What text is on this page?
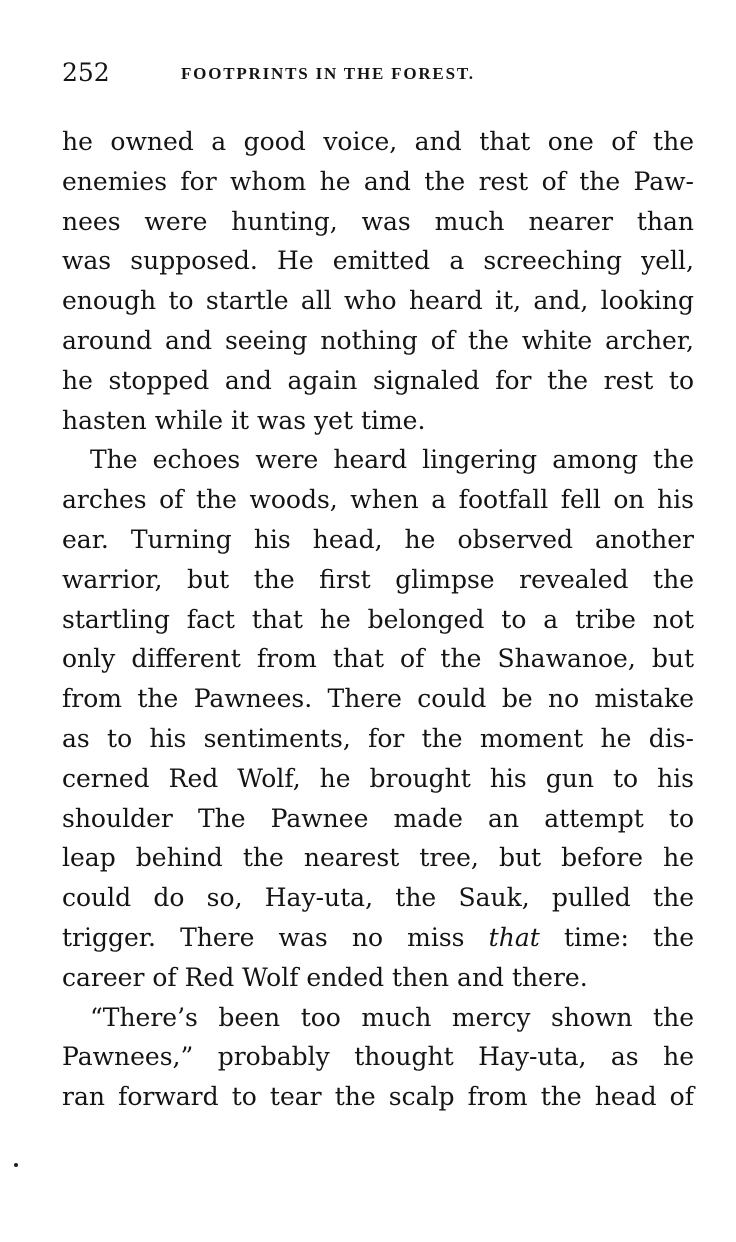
252	FOOTPRINTS IN THE FOREST.
he owned a good voice, and that one of the
enemies for whom he and the rest of the Paw-
nees were hunting, was much nearer than
was supposed. He emitted a screeching yell,
enough to startle all who heard it, and, looking
around and seeing nothing of the white archer,
he stopped and again signaled for the rest to
hasten while it was yet time.
The echoes were heard lingering among the
arches of the woods, when a footfall fell on his
ear. Turning his head, he observed another
warrior, but the first glimpse revealed the
startling fact that he belonged to a tribe not
only different from that of the Shawanoe, but
from the Pawnees. There could be no mistake
as to his sentiments, for the moment he dis-
cerned Red Wolf, he brought his gun to his
shoulder The Pawnee made an attempt to
leap behind the nearest tree, but before he
could do so, Hay-uta, the Sauk, pulled the
trigger. There was no miss that time: the
career of Red Wolf ended then and there.
“There’s been too much mercy shown the
Pawnees,” probably thought Hay-uta, as he
ran forward to tear the scalp from the head of
